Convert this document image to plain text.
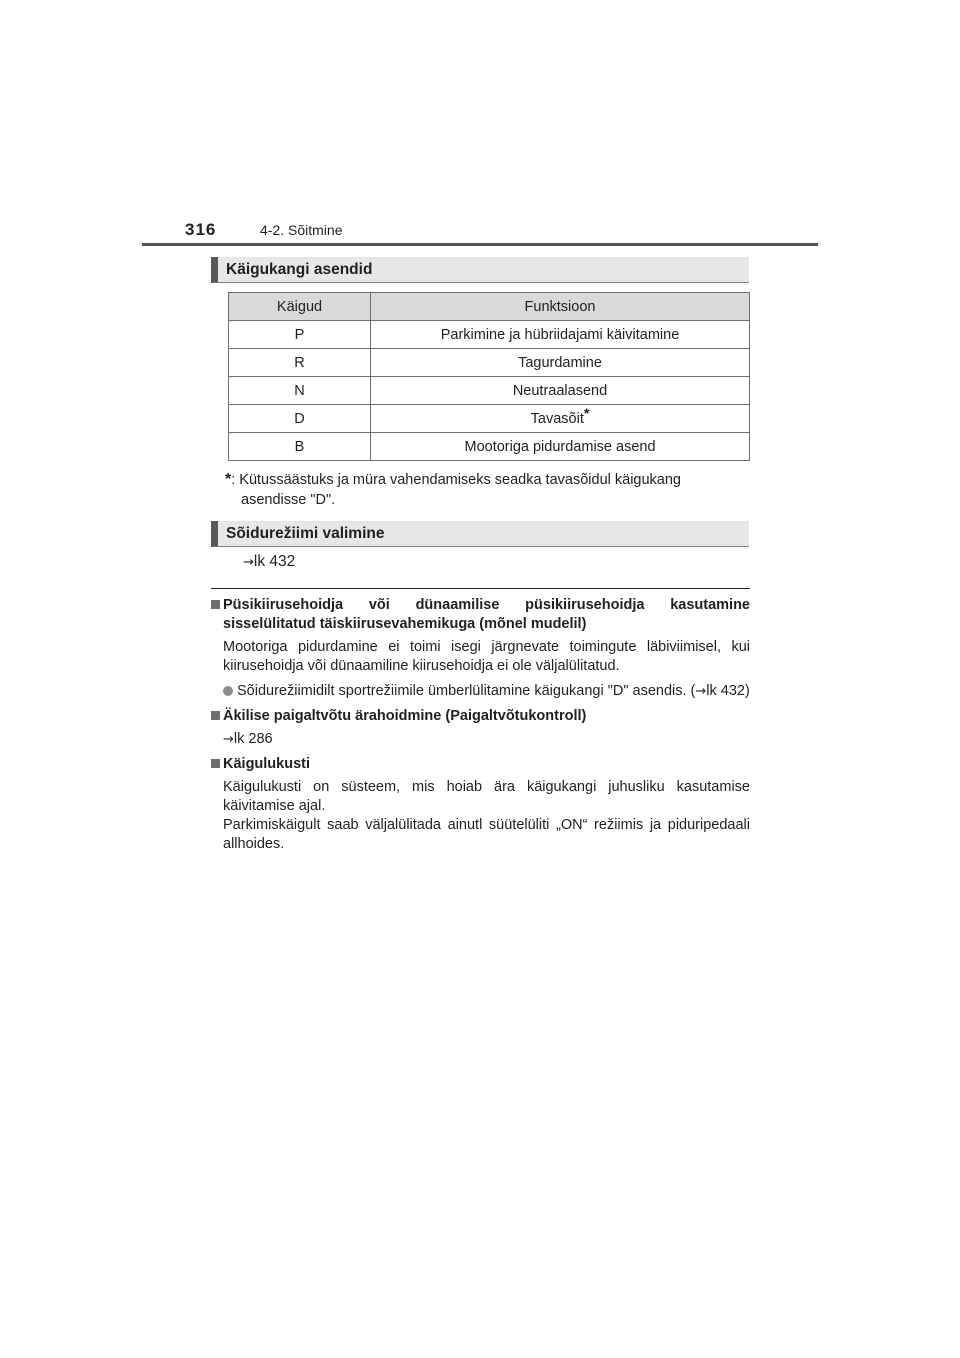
316	4-2. Sõitmine
Käigukangi asendid
Käigud	Funktsioon
P	Parkimine ja hübriidajami käivitamine
R	Tagurdamine
N	Neutraalasend
D	Tavasõit*
B	Mootoriga pidurdamise asend
*: Kütussäästuks ja müra vahendamiseks seadka tavasõidul käigukang
asendisse "D".
Sõidurežiimi valimine
→lk 432
Püsikiirusehoidja või dünaamilise püsikiirusehoidja kasutamine sisselülitatud täiskiirusevahemikuga (mõnel mudelil)
Mootoriga pidurdamine ei toimi isegi järgnevate toimingute läbiviimisel, kui kiirusehoidja või dünaamiline kiirusehoidja ei ole väljalülitatud.
Sõidurežiimidilt sportrežiimile ümberlülitamine käigukangi "D" asendis. (→lk 432)
Äkilise paigaltvõtu ärahoidmine (Paigaltvõtukontroll)
→lk 286
Käigulukusti
Käigulukusti on süsteem, mis hoiab ära käigukangi juhusliku kasutamise käivitamise ajal.
Parkimiskäigult saab väljalülitada ainutl süütelüliti „ON“ režiimis ja piduripedaali allhoides.
